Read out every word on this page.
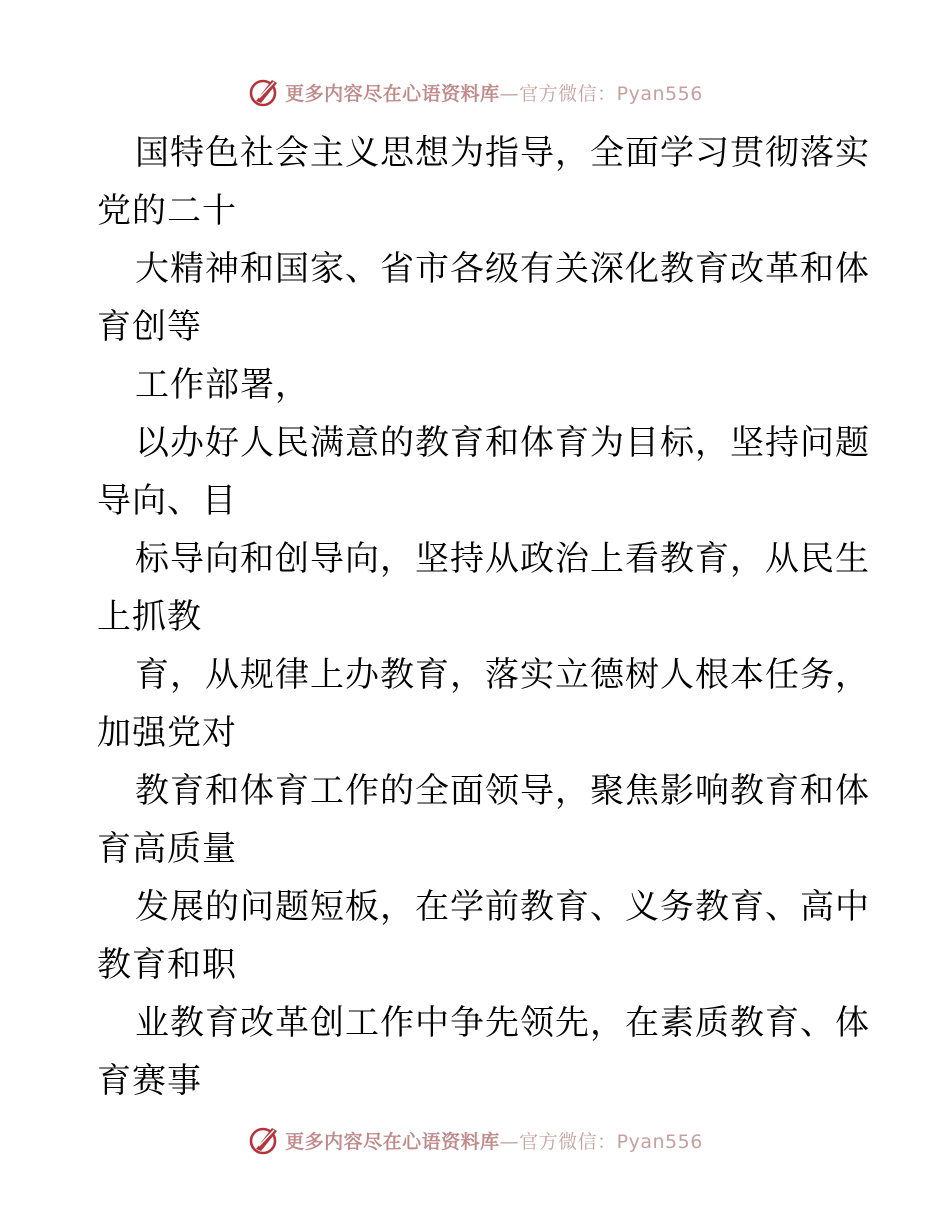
更多内容尽在心语资料库—官方微信：Pyan556
国特色社会主义思想为指导，全面学习贯彻落实
党的二十
大精神和国家、省市各级有关深化教育改革和体
育创等
工作部署，
以办好人民满意的教育和体育为目标，坚持问题
导向、目
标导向和创导向，坚持从政治上看教育，从民生
上抓教
育，从规律上办教育，落实立德树人根本任务，
加强党对
教育和体育工作的全面领导，聚焦影响教育和体
育高质量
发展的问题短板，在学前教育、义务教育、高中
教育和职
业教育改革创工作中争先领先，在素质教育、体
育赛事
更多内容尽在心语资料库—官方微信：Pyan556
